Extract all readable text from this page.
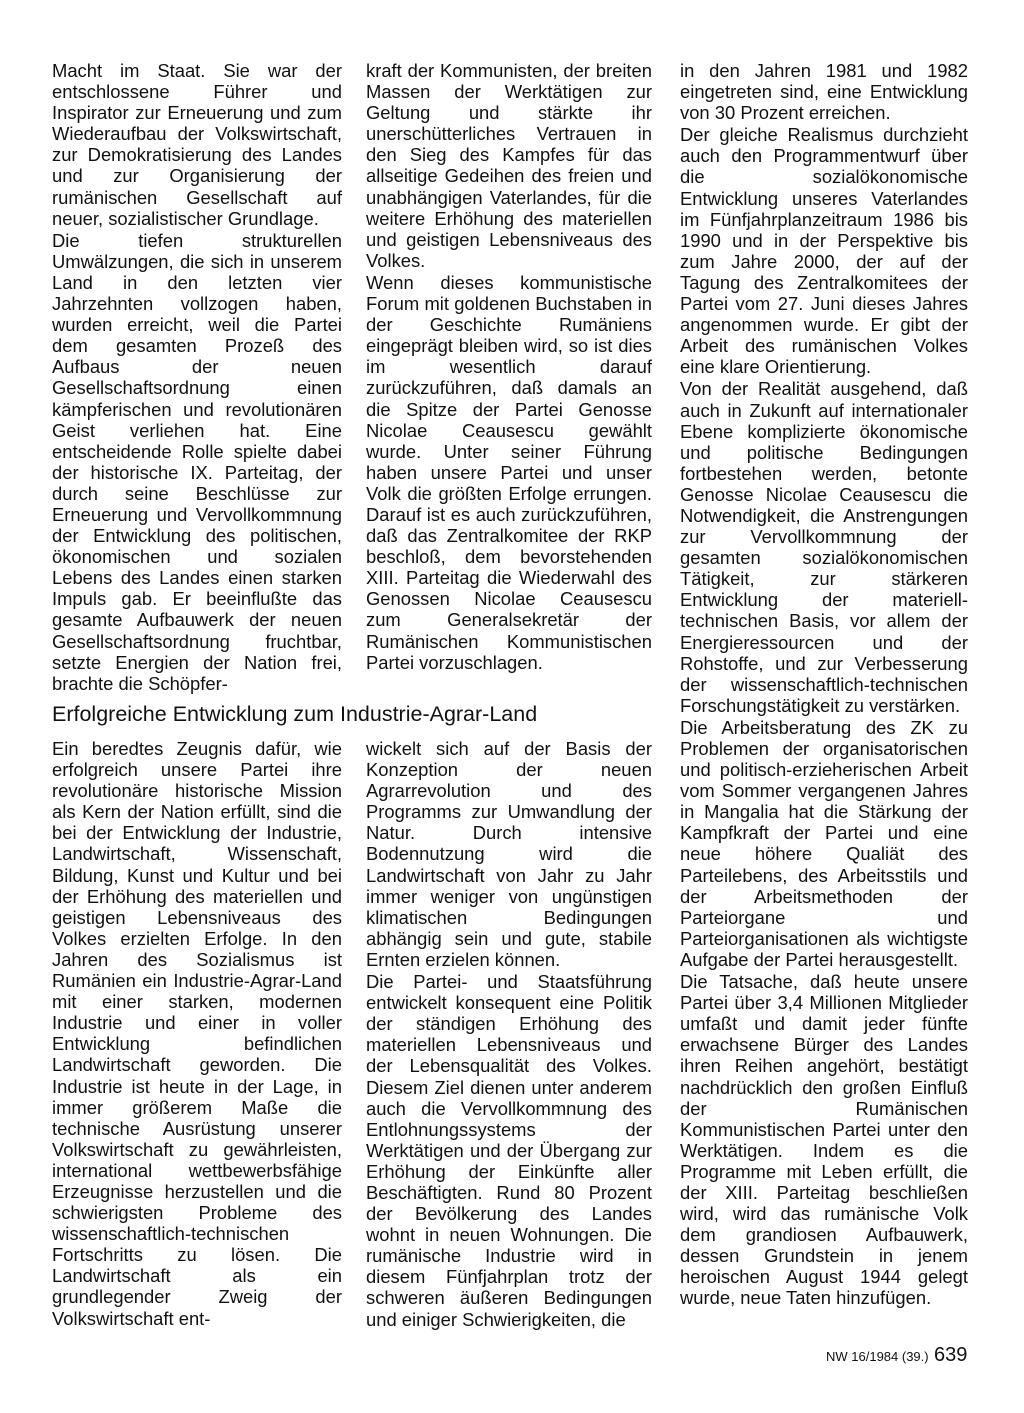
Macht im Staat. Sie war der entschlossene Führer und Inspirator zur Erneuerung und zum Wiederaufbau der Volkswirtschaft, zur Demokratisierung des Landes und zur Organisierung der rumänischen Gesellschaft auf neuer, sozialistischer Grundlage.

Die tiefen strukturellen Umwälzungen, die sich in unserem Land in den letzten vier Jahrzehnten vollzogen haben, wurden erreicht, weil die Partei dem gesamten Prozeß des Aufbaus der neuen Gesellschaftsordnung einen kämpferischen und revolutionären Geist verliehen hat. Eine entscheidende Rolle spielte dabei der historische IX. Parteitag, der durch seine Beschlüsse zur Erneuerung und Vervollkommnung der Entwicklung des politischen, ökonomischen und sozialen Lebens des Landes einen starken Impuls gab. Er beeinflußte das gesamte Aufbauwerk der neuen Gesellschaftsordnung fruchtbar, setzte Energien der Nation frei, brachte die Schöpfer-

kraft der Kommunisten, der breiten Massen der Werktätigen zur Geltung und stärkte ihr unerschütterliches Vertrauen in den Sieg des Kampfes für das allseitige Gedeihen des freien und unabhängigen Vaterlandes, für die weitere Erhöhung des materiellen und geistigen Lebensniveaus des Volkes.

Wenn dieses kommunistische Forum mit goldenen Buchstaben in der Geschichte Rumäniens eingeprägt bleiben wird, so ist dies im wesentlich darauf zurückzuführen, daß damals an die Spitze der Partei Genosse Nicolae Ceausescu gewählt wurde. Unter seiner Führung haben unsere Partei und unser Volk die größten Erfolge errungen. Darauf ist es auch zurückzuführen, daß das Zentralkomitee der RKP beschloß, dem bevorstehenden XIII. Parteitag die Wiederwahl des Genossen Nicolae Ceausescu zum Generalsekretär der Rumänischen Kommunistischen Partei vorzuschlagen.

in den Jahren 1981 und 1982 eingetreten sind, eine Entwicklung von 30 Prozent erreichen.

Der gleiche Realismus durchzieht auch den Programmentwurf über die sozialökonomische Entwicklung unseres Vaterlandes im Fünfjahrplanzeitraum 1986 bis 1990 und in der Perspektive bis zum Jahre 2000, der auf der Tagung des Zentralkomitees der Partei vom 27. Juni dieses Jahres angenommen wurde. Er gibt der Arbeit des rumänischen Volkes eine klare Orientierung.

Von der Realität ausgehend, daß auch in Zukunft auf internationaler Ebene komplizierte ökonomische und politische Bedingungen fortbestehen werden, betonte Genosse Nicolae Ceausescu die Notwendigkeit, die Anstrengungen zur Vervollkommnung der gesamten sozialökonomischen Tätigkeit, zur stärkeren Entwicklung der materiell-technischen Basis, vor allem der Energieressourcen und der Rohstoffe, und zur Verbesserung der wissenschaftlich-technischen Forschungstätigkeit zu verstärken.

Die Arbeitsberatung des ZK zu Problemen der organisatorischen und politisch-erzieherischen Arbeit vom Sommer vergangenen Jahres in Mangalia hat die Stärkung der Kampfkraft der Partei und eine neue höhere Qualiät des Parteilebens, des Arbeitsstils und der Arbeitsmethoden der Parteiorgane und Parteiorganisationen als wichtigste Aufgabe der Partei herausgestellt.

Die Tatsache, daß heute unsere Partei über 3,4 Millionen Mitglieder umfaßt und damit jeder fünfte erwachsene Bürger des Landes ihren Reihen angehört, bestätigt nachdrücklich den großen Einfluß der Rumänischen Kommunistischen Partei unter den Werktätigen. Indem es die Programme mit Leben erfüllt, die der XIII. Parteitag beschließen wird, wird das rumänische Volk dem grandiosen Aufbauwerk, dessen Grundstein in jenem heroischen August 1944 gelegt wurde, neue Taten hinzufügen.

Erfolgreiche Entwicklung zum Industrie-Agrar-Land

Ein beredtes Zeugnis dafür, wie erfolgreich unsere Partei ihre revolutionäre historische Mission als Kern der Nation erfüllt, sind die bei der Entwicklung der Industrie, Landwirtschaft, Wissenschaft, Bildung, Kunst und Kultur und bei der Erhöhung des materiellen und geistigen Lebensniveaus des Volkes erzielten Erfolge. In den Jahren des Sozialismus ist Rumänien ein Industrie-Agrar-Land mit einer starken, modernen Industrie und einer in voller Entwicklung befindlichen Landwirtschaft geworden. Die Industrie ist heute in der Lage, in immer größerem Maße die technische Ausrüstung unserer Volkswirtschaft zu gewährleisten, international wettbewerbsfähige Erzeugnisse herzustellen und die schwierigsten Probleme des wissenschaftlich-technischen Fortschritts zu lösen. Die Landwirtschaft als ein grundlegender Zweig der Volkswirtschaft ent-

wickelt sich auf der Basis der Konzeption der neuen Agrarrevolution und des Programms zur Umwandlung der Natur. Durch intensive Bodennutzung wird die Landwirtschaft von Jahr zu Jahr immer weniger von ungünstigen klimatischen Bedingungen abhängig sein und gute, stabile Ernten erzielen können.

Die Partei- und Staatsführung entwickelt konsequent eine Politik der ständigen Erhöhung des materiellen Lebensniveaus und der Lebensqualität des Volkes. Diesem Ziel dienen unter anderem auch die Vervollkommnung des Entlohnungssystems der Werktätigen und der Übergang zur Erhöhung der Einkünfte aller Beschäftigten. Rund 80 Prozent der Bevölkerung des Landes wohnt in neuen Wohnungen. Die rumänische Industrie wird in diesem Fünfjahrplan trotz der schweren äußeren Bedingungen und einiger Schwierigkeiten, die

NW 16/1984 (39.) 639
